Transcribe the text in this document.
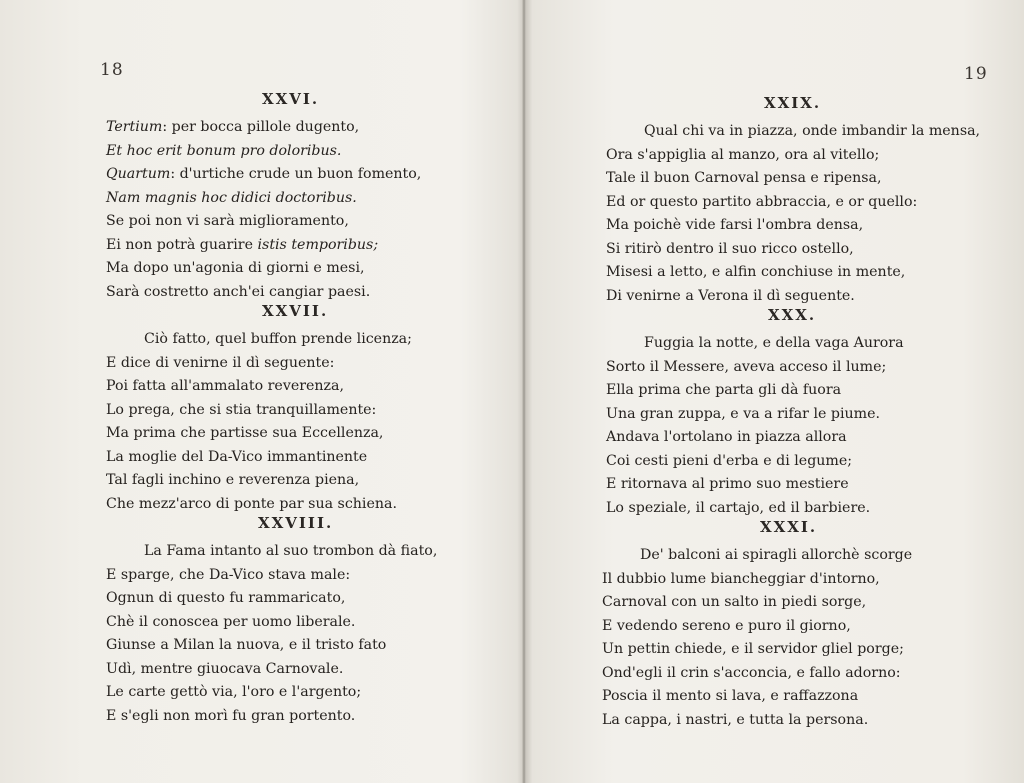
18
XXVI.
Tertium: per bocca pillole dugento,
Et hoc erit bonum pro doloribus.
Quartum: d'urtiche crude un buon fomento,
Nam magnis hoc didici doctoribus.
Se poi non vi sarà miglioramento,
Ei non potrà guarire istis temporibus;
Ma dopo un'agonia di giorni e mesi,
Sarà costretto anch'ei cangiar paesi.
XXVII.
Ciò fatto, quel buffon prende licenza;
E dice di venirne il dì seguente:
Poi fatta all'ammalato reverenza,
Lo prega, che si stia tranquillamente:
Ma prima che partisse sua Eccellenza,
La moglie del Da-Vico immantinente
Tal fagli inchino e reverenza piena,
Che mezz'arco di ponte par sua schiena.
XXVIII.
La Fama intanto al suo trombon dà fiato,
E sparge, che Da-Vico stava male:
Ognun di questo fu rammaricato,
Chè il conoscea per uomo liberale.
Giunse a Milan la nuova, e il tristo fato
Udì, mentre giuocava Carnovale.
Le carte gettò via, l'oro e l'argento;
E s'egli non morì fu gran portento.
19
XXIX.
Qual chi va in piazza, onde imbandir la mensa,
Ora s'appiglia al manzo, ora al vitello;
Tale il buon Carnoval pensa e ripensa,
Ed or questo partito abbraccia, e or quello:
Ma poichè vide farsi l'ombra densa,
Si ritirò dentro il suo ricco ostello,
Misesi a letto, e alfin conchiuse in mente,
Di venirne a Verona il dì seguente.
XXX.
Fuggia la notte, e della vaga Aurora
Sorto il Messere, aveva acceso il lume;
Ella prima che parta gli dà fuora
Una gran zuppa, e va a rifar le piume.
Andava l'ortolano in piazza allora
Coi cesti pieni d'erba e di legume;
E ritornava al primo suo mestiere
Lo speziale, il cartajo, ed il barbiere.
XXXI.
De' balconi ai spiragli allorchè scorge
Il dubbio lume biancheggiar d'intorno,
Carnoval con un salto in piedi sorge,
E vedendo sereno e puro il giorno,
Un pettin chiede, e il servidor gliel porge;
Ond'egli il crin s'acconcia, e fallo adorno:
Poscia il mento si lava, e raffazzona
La cappa, i nastri, e tutta la persona.
